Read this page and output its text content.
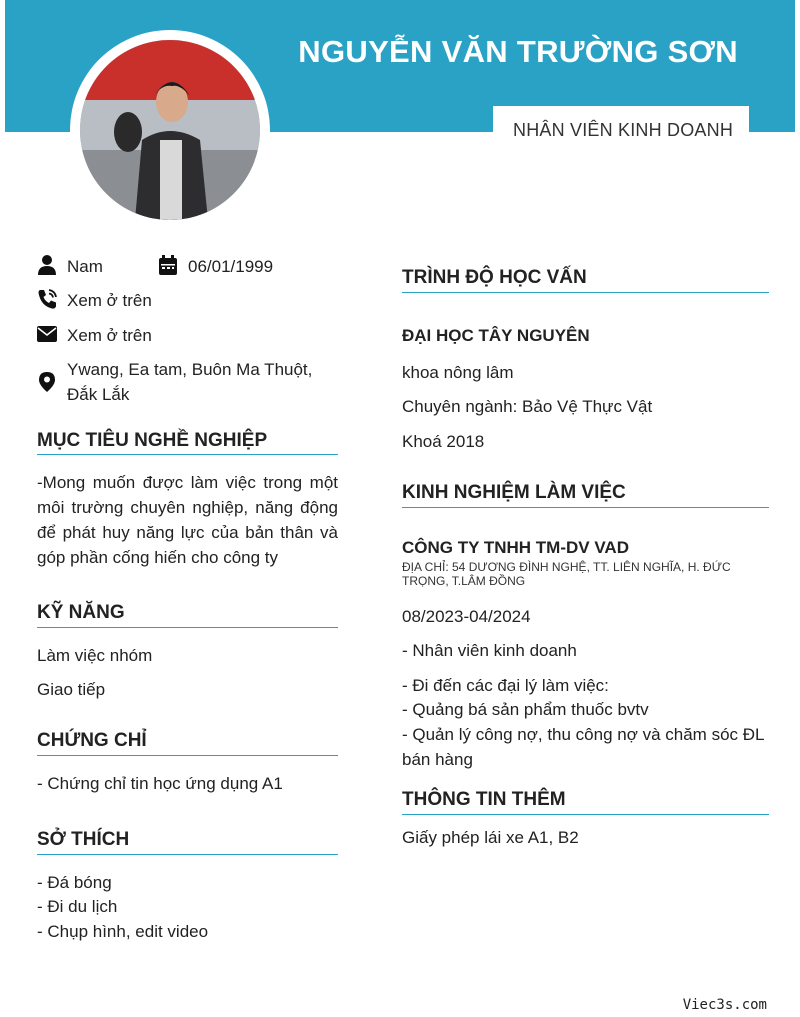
NGUYỄN VĂN TRƯỜNG SƠN
NHÂN VIÊN KINH DOANH
Nam	06/01/1999
Xem ở trên
Xem ở trên
Ywang, Ea tam, Buôn Ma Thuột,
Đắk Lắk
MỤC TIÊU NGHỀ NGHIỆP
-Mong muốn được làm việc trong một
môi trường chuyên nghiệp, năng động
để phát huy năng lực của bản thân và
góp phần cống hiến cho công ty
KỸ NĂNG
Làm việc nhóm
Giao tiếp
CHỨNG CHỈ
- Chứng chỉ tin học ứng dụng A1
SỞ THÍCH
- Đá bóng
- Đi du lịch
- Chụp hình, edit video
TRÌNH ĐỘ HỌC VẤN
ĐẠI HỌC TÂY NGUYÊN
khoa nông lâm
Chuyên ngành: Bảo Vệ Thực Vật
Khoá 2018
KINH NGHIỆM LÀM VIỆC
CÔNG TY TNHH TM-DV VAD
ĐỊA CHỈ: 54 DƯƠNG ĐÌNH NGHỆ, TT. LIÊN NGHĨA, H. ĐỨC
TRỌNG, T.LÂM ĐỒNG
08/2023-04/2024
- Nhân viên kinh doanh
- Đi đến các đại lý làm việc:
- Quảng bá sản phẩm thuốc bvtv
- Quản lý công nợ, thu công nợ và chăm sóc ĐL
bán hàng
THÔNG TIN THÊM
Giấy phép lái xe A1, B2
Viec3s.com
